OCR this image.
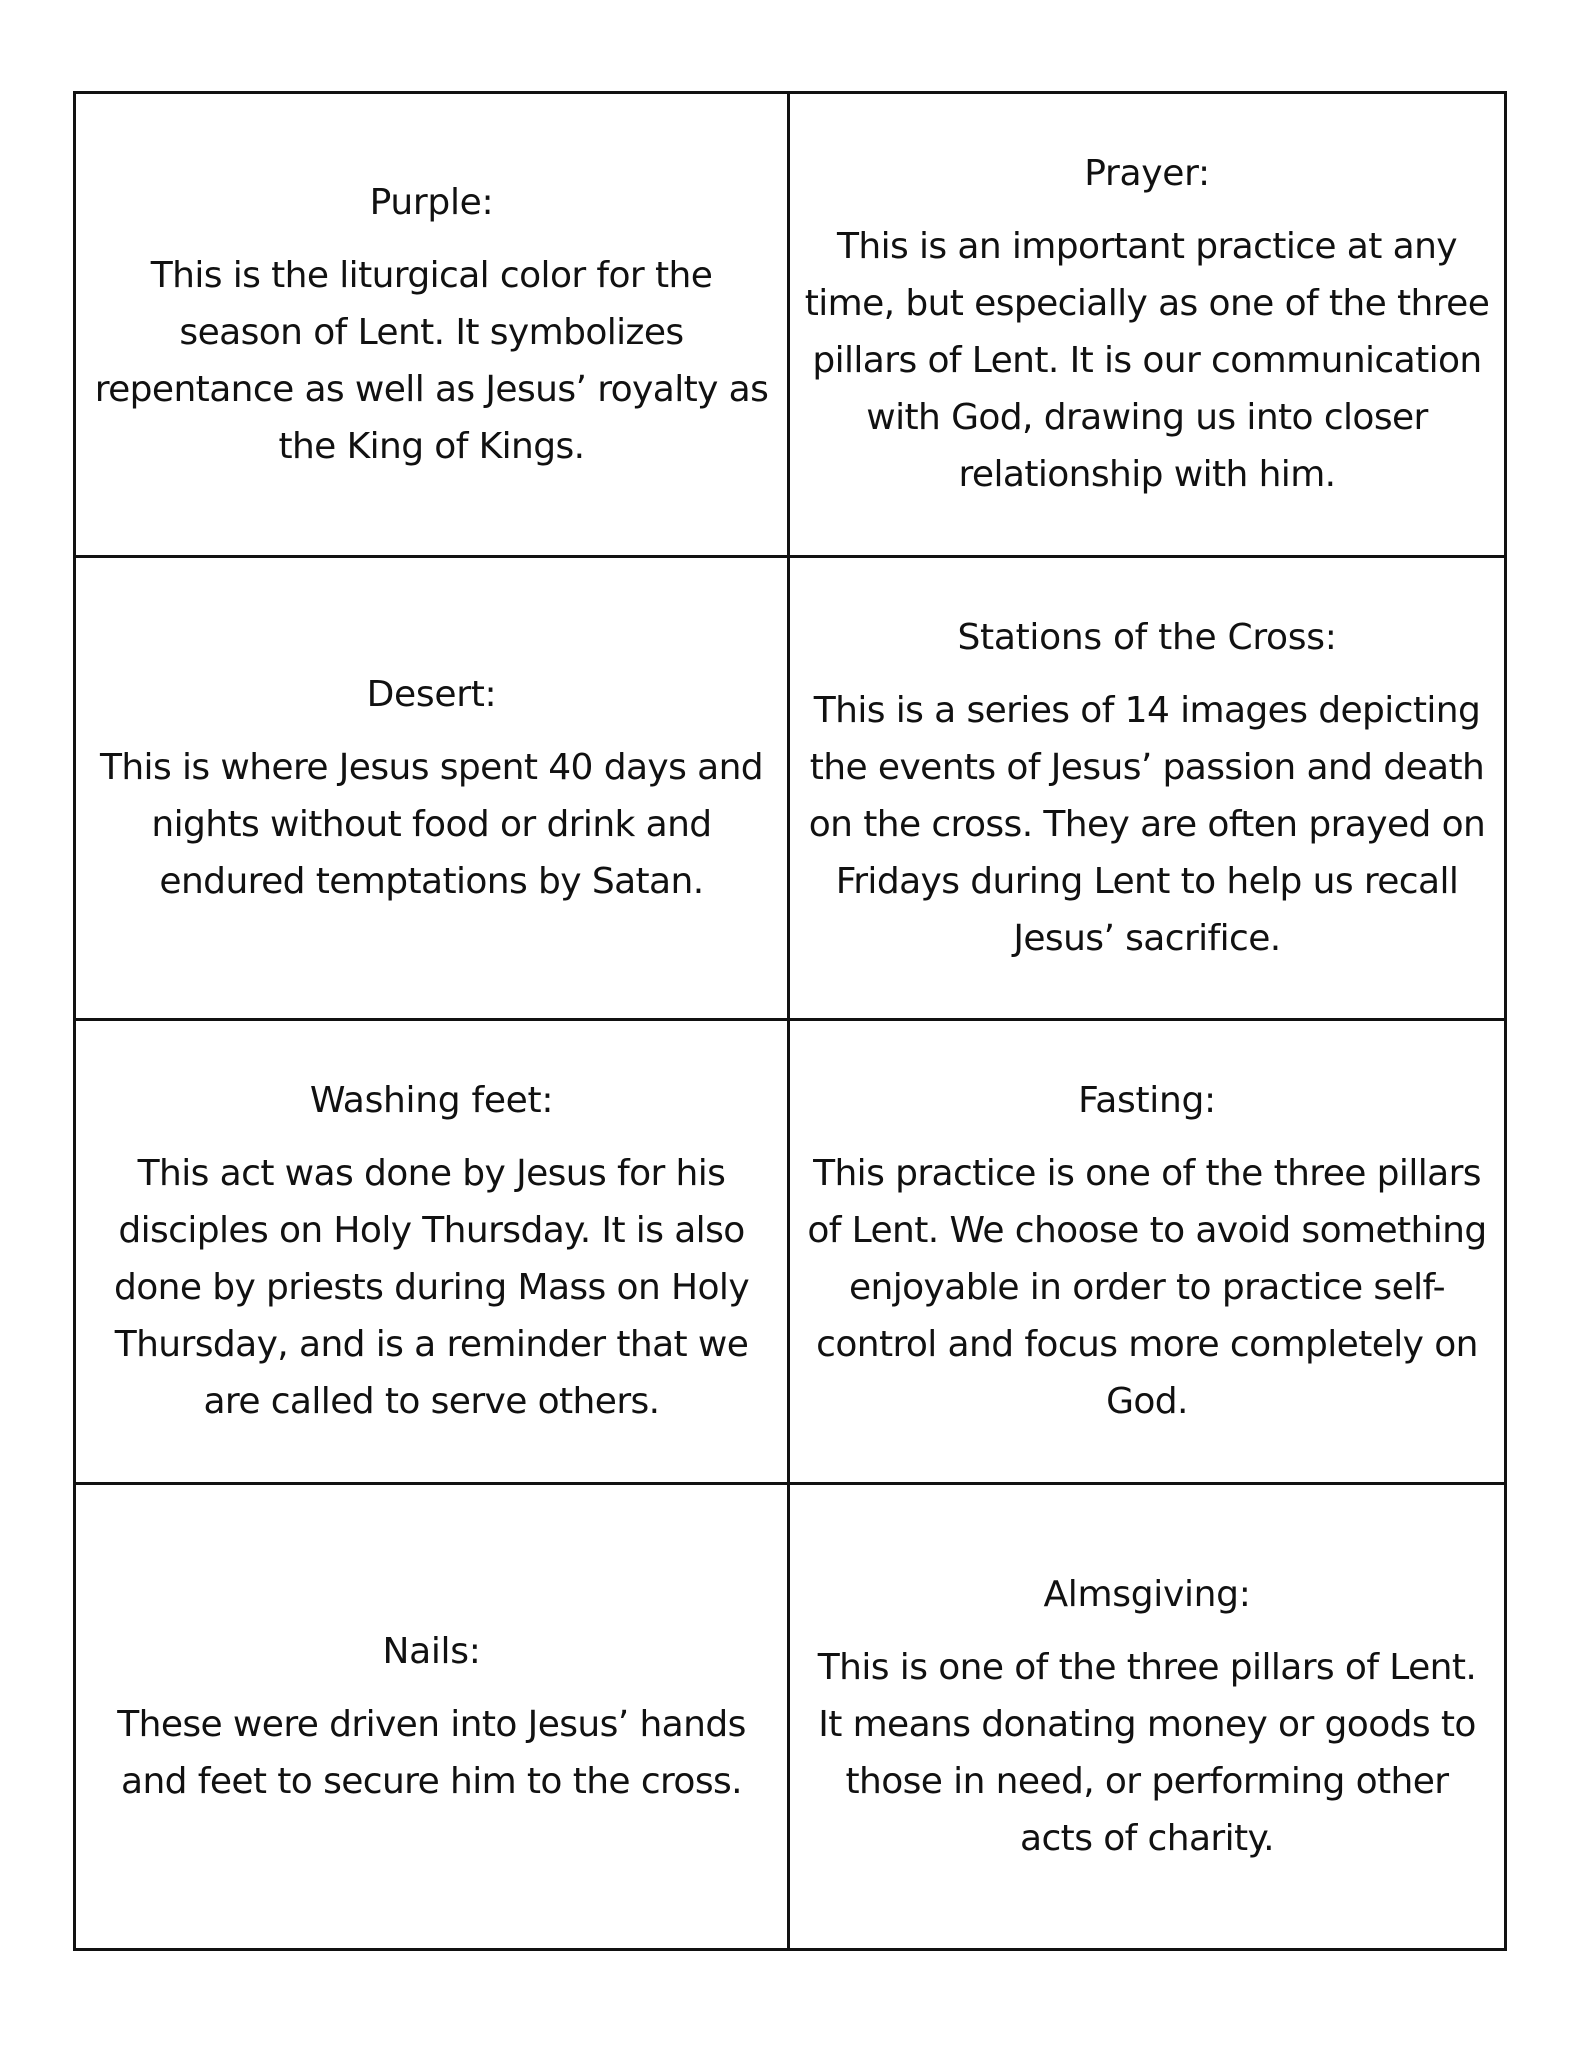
Purple:
This is the liturgical color for the season of Lent. It symbolizes repentance as well as Jesus’ royalty as the King of Kings.
Prayer:
This is an important practice at any time, but especially as one of the three pillars of Lent. It is our communication with God, drawing us into closer relationship with him.
Desert:
This is where Jesus spent 40 days and nights without food or drink and endured temptations by Satan.
Stations of the Cross:
This is a series of 14 images depicting the events of Jesus’ passion and death on the cross. They are often prayed on Fridays during Lent to help us recall Jesus’ sacrifice.
Washing feet:
This act was done by Jesus for his disciples on Holy Thursday. It is also done by priests during Mass on Holy Thursday, and is a reminder that we are called to serve others.
Fasting:
This practice is one of the three pillars of Lent. We choose to avoid something enjoyable in order to practice self-control and focus more completely on God.
Nails:
These were driven into Jesus’ hands and feet to secure him to the cross.
Almsgiving:
This is one of the three pillars of Lent. It means donating money or goods to those in need, or performing other acts of charity.
